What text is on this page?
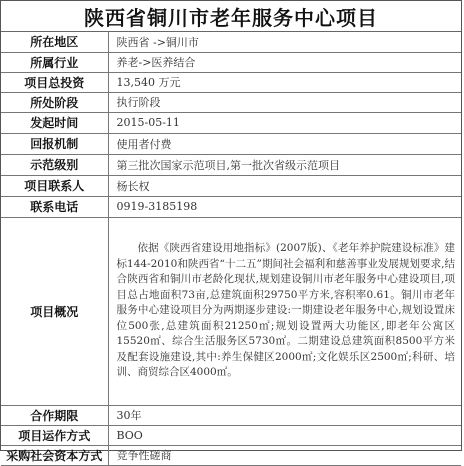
陕西省铜川市老年服务中心项目
所在地区	陕西省 ->铜川市
所属行业	养老->医养结合
项目总投资	13,540 万元
所处阶段	执行阶段
发起时间	2015-05-11
回报机制	使用者付费
示范级别	第三批次国家示范项目,第一批次省级示范项目
项目联系人	杨长权
联系电话	0919-3185198
项目概况	依据《陕西省建设用地指标》(2007版)、《老年养护院建设标准》建标144-2010和陕西省“十二五”期间社会福利和慈善事业发展规划要求,结合陕西省和铜川市老龄化现状,规划建设铜川市老年服务中心建设项目,项目总占地面积73亩,总建筑面积29750平方米,容积率0.61。铜川市老年服务中心建设项目分为两期逐步建设:一期建设老年服务中心,规划设置床位500张,总建筑面积21250㎡;规划设置两大功能区,即老年公寓区15520㎡、综合生活服务区5730㎡。二期建设总建筑面积8500平方米及配套设施建设,其中:养生保健区2000㎡;文化娱乐区2500㎡;科研、培训、商贸综合区4000㎡。
合作期限	30年
项目运作方式	BOO
采购社会资本方式	竞争性磋商
